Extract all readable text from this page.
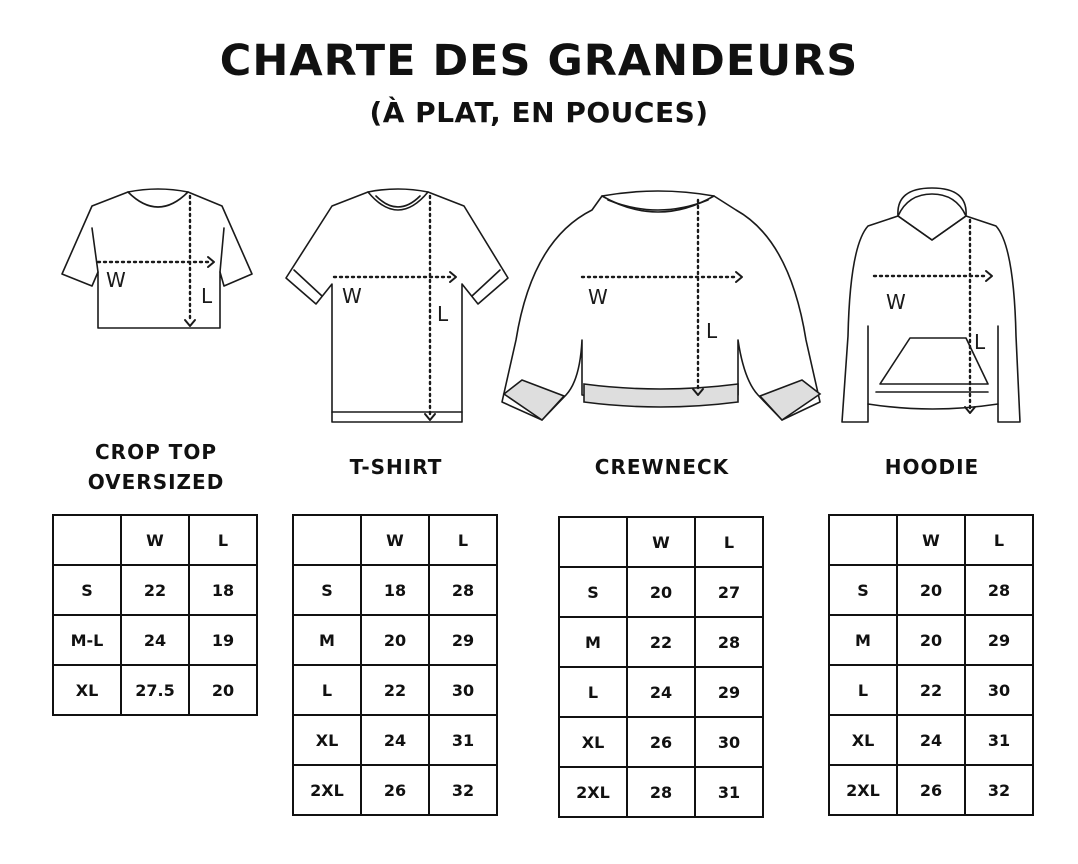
CHARTE DES GRANDEURS
(À PLAT, EN POUCES)
W
L	W
L
W
L
W
L
CROP TOP
OVERSIZED
T-SHIRT	CREWNECK	HOODIE
	W	L
S	22	18
M-L	24	19
XL	27.5	20
	W	L
S	18	28
M	20	29
L	22	30
XL	24	31
2XL	26	32
	W	L
S	20	27
M	22	28
L	24	29
XL	26	30
2XL	28	31
	W	L
S	20	28
M	20	29
L	22	30
XL	24	31
2XL	26	32
